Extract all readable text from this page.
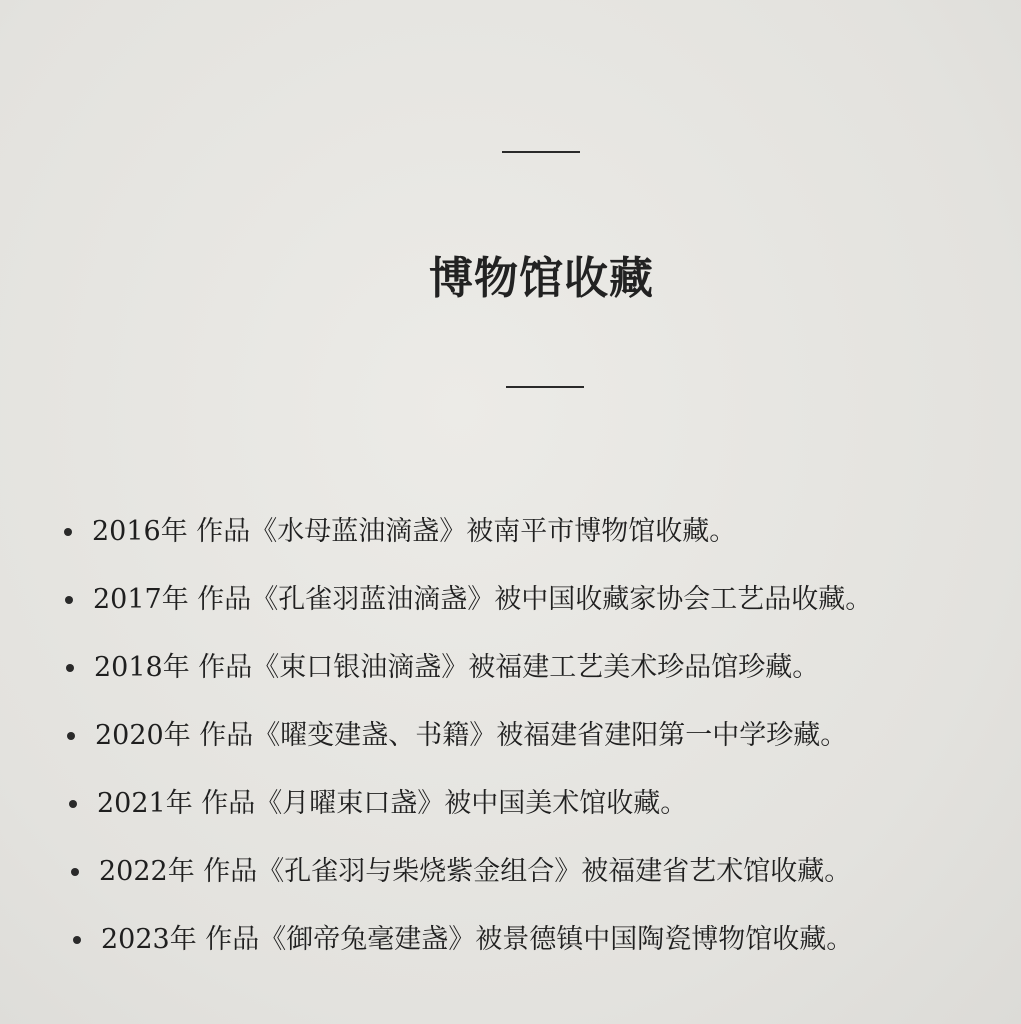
博物馆收藏
2016年 作品《水母蓝油滴盏》被南平市博物馆收藏。
2017年 作品《孔雀羽蓝油滴盏》被中国收藏家协会工艺品收藏。
2018年 作品《束口银油滴盏》被福建工艺美术珍品馆珍藏。
2020年 作品《曜变建盏、书籍》被福建省建阳第一中学珍藏。
2021年 作品《月曜束口盏》被中国美术馆收藏。
2022年 作品《孔雀羽与柴烧紫金组合》被福建省艺术馆收藏。
2023年 作品《御帝兔毫建盏》被景德镇中国陶瓷博物馆收藏。
